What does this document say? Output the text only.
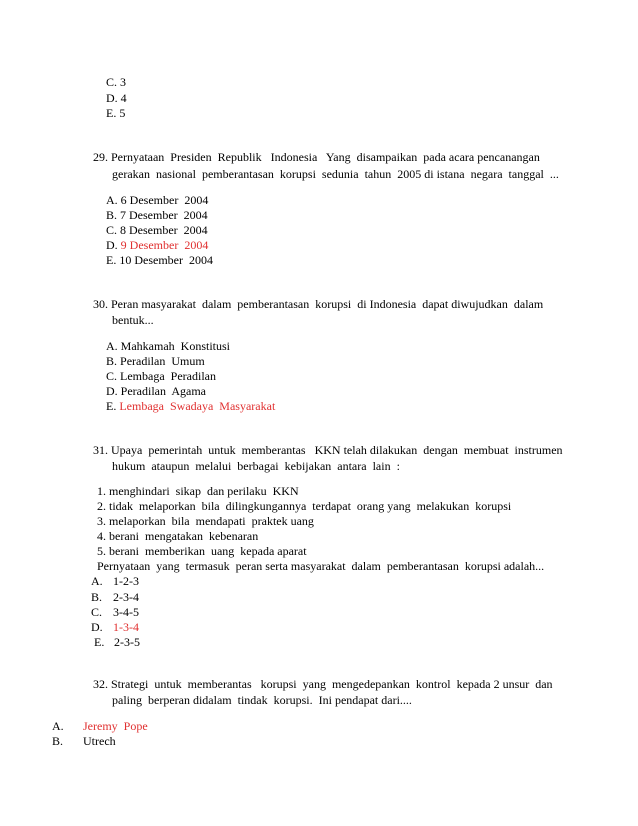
C. 3
D. 4
E. 5
29. Pernyataan  Presiden  Republik   Indonesia   Yang  disampaikan  pada acara pencanangan
gerakan  nasional  pemberantasan  korupsi  sedunia  tahun  2005 di istana  negara  tanggal  ...
A. 6 Desember  2004
B. 7 Desember  2004
C. 8 Desember  2004
D. 9 Desember  2004
E. 10 Desember  2004
30. Peran masyarakat  dalam  pemberantasan  korupsi  di Indonesia  dapat diwujudkan  dalam
bentuk...
A. Mahkamah  Konstitusi
B. Peradilan  Umum
C. Lembaga  Peradilan
D. Peradilan  Agama
E. Lembaga  Swadaya  Masyarakat
31. Upaya  pemerintah  untuk  memberantas   KKN telah dilakukan  dengan  membuat  instrumen
hukum  ataupun  melalui  berbagai  kebijakan  antara  lain  :
1. menghindari  sikap  dan perilaku  KKN
2. tidak  melaporkan  bila  dilingkungannya  terdapat  orang yang  melakukan  korupsi
3. melaporkan  bila  mendapati  praktek uang
4. berani  mengatakan  kebenaran
5. berani  memberikan  uang  kepada aparat
Pernyataan  yang  termasuk  peran serta masyarakat  dalam  pemberantasan  korupsi adalah...
A. 1-2-3
B. 2-3-4
C. 3-4-5
D. 1-3-4
E. 2-3-5
32. Strategi  untuk  memberantas   korupsi  yang  mengedepankan  kontrol  kepada 2 unsur  dan
paling  berperan didalam  tindak  korupsi.  Ini pendapat dari....
A. Jeremy  Pope
B. Utrech
